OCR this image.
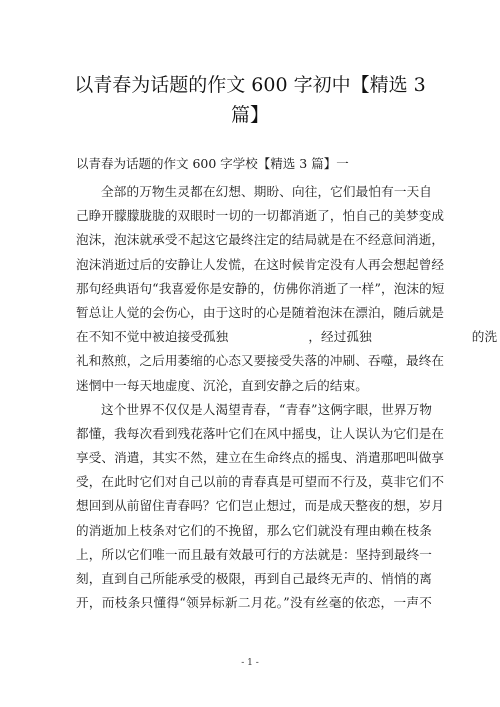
以青春为话题的作文 600 字初中【精选 3
篇】
以青春为话题的作文 600 字学校【精选 3 篇】一
全部的万物生灵都在幻想、期盼、向往，它们最怕有一天自
己睁开朦朦胧胧的双眼时一切的一切都消逝了，怕自己的美梦变成
泡沫，泡沫就承受不起这它最终注定的结局就是在不经意间消逝，
泡沫消逝过后的安静让人发慌，在这时候肯定没有人再会想起曾经
那句经典语句“我喜爱你是安静的，仿佛你消逝了一样”，泡沫的短
暂总让人觉的会伤心，由于这时的心是随着泡沫在漂泊，随后就是
在不知不觉中被迫接受孤独	，经过孤独	的洗
礼和熬煎，之后用萎缩的心态又要接受失落的冲刷、吞噬，最终在
迷惘中一每天地虚度、沉沦，直到安静之后的结束。
这个世界不仅仅是人渴望青春，“青春”这俩字眼，世界万物
都懂，我每次看到残花落叶它们在风中摇曳，让人误认为它们是在
享受、消遣，其实不然，建立在生命终点的摇曳、消遣那吧叫做享
受，在此时它们对自己以前的青春真是可望而不行及，莫非它们不
想回到从前留住青春吗？它们岂止想过，而是成天整夜的想，岁月
的消逝加上枝条对它们的不挽留，那么它们就没有理由赖在枝条
上，所以它们唯一而且最有效最可行的方法就是：坚持到最终一
刻，直到自己所能承受的极限，再到自己最终无声的、悄悄的离
开，而枝条只懂得“领异标新二月花。”没有丝毫的依恋，一声不
- 1 -
